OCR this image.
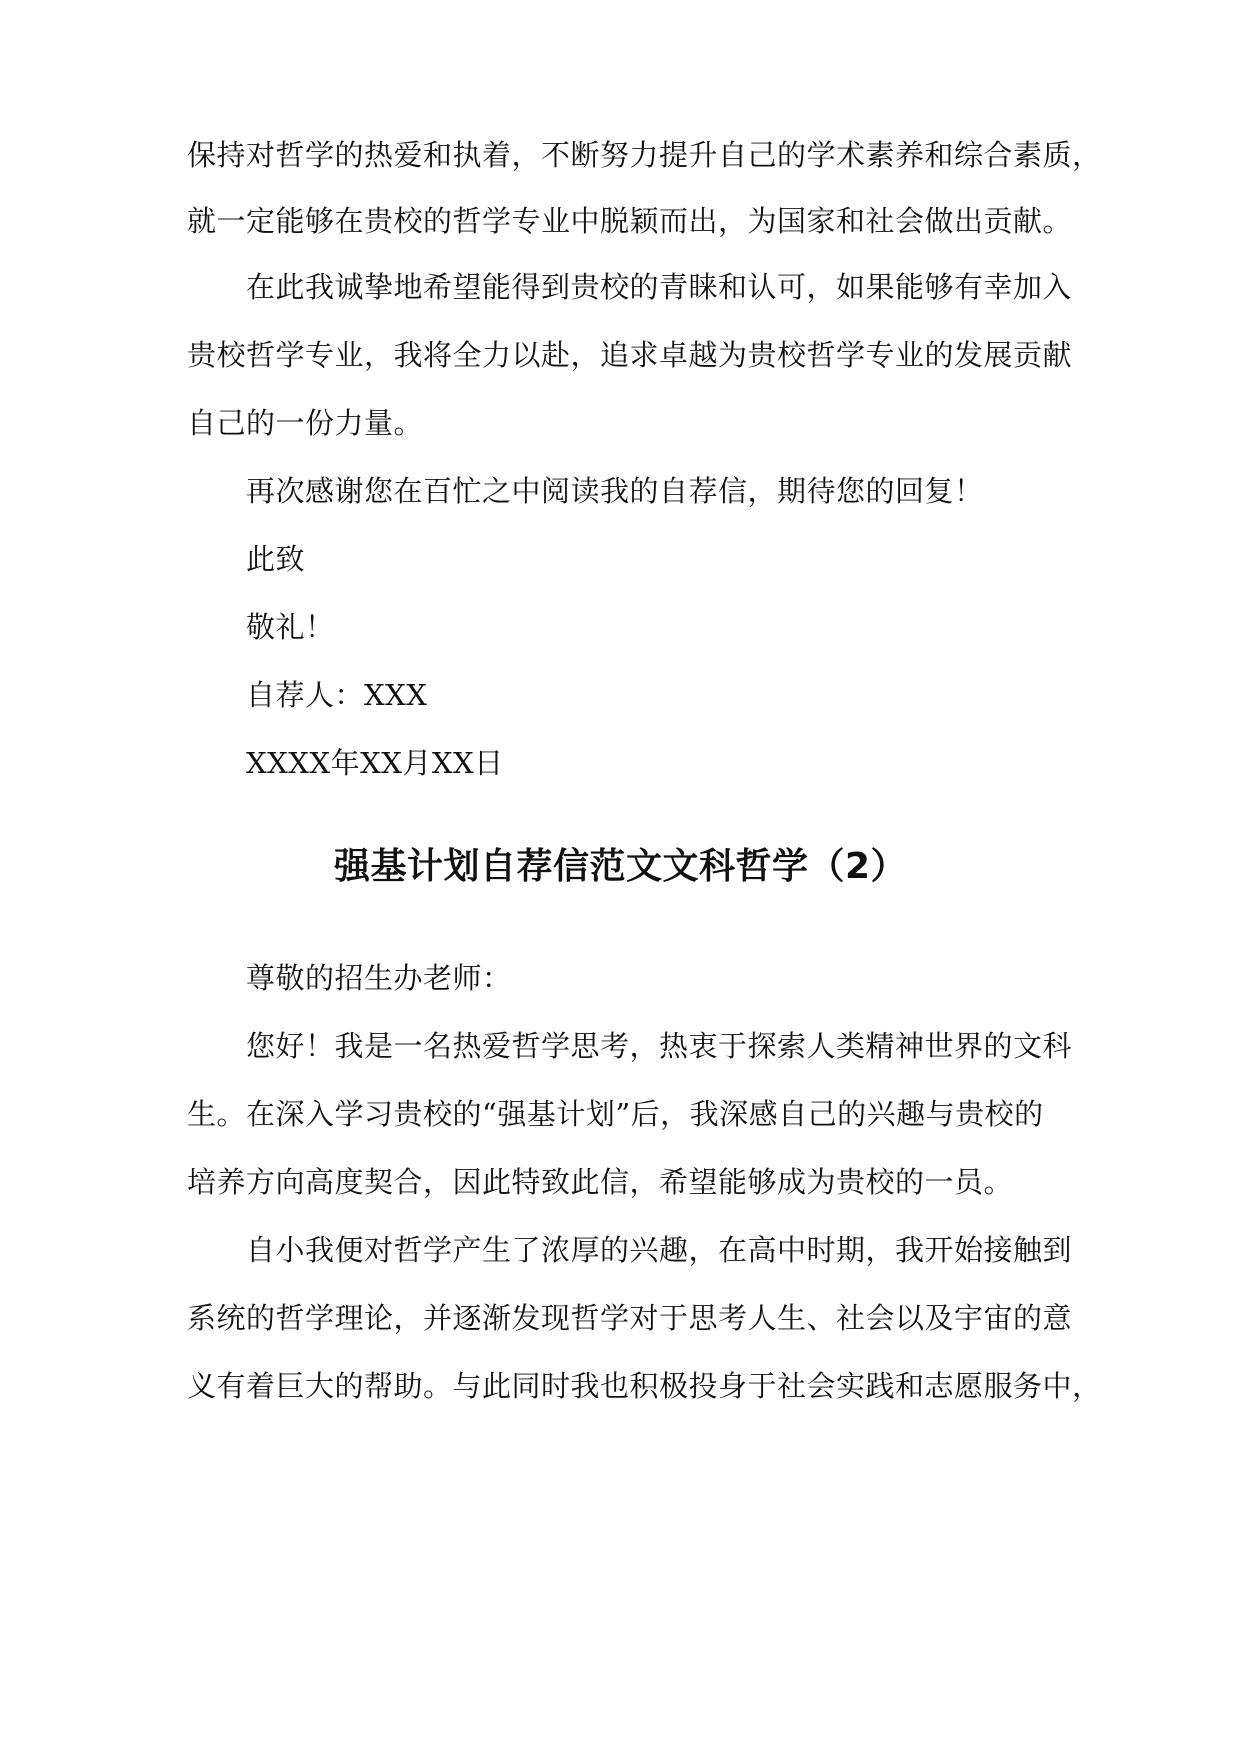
保持对哲学的热爱和执着，不断努力提升自己的学术素养和综合素质，
就一定能够在贵校的哲学专业中脱颖而出，为国家和社会做出贡献。
在此我诚挚地希望能得到贵校的青睐和认可，如果能够有幸加入
贵校哲学专业，我将全力以赴，追求卓越为贵校哲学专业的发展贡献
自己的一份力量。
再次感谢您在百忙之中阅读我的自荐信，期待您的回复！
此致
敬礼！
自荐人：XXX
XXXX年XX月XX日
强基计划自荐信范文文科哲学（2）
尊敬的招生办老师：
您好！我是一名热爱哲学思考，热衷于探索人类精神世界的文科
生。在深入学习贵校的“强基计划”后，我深感自己的兴趣与贵校的
培养方向高度契合，因此特致此信，希望能够成为贵校的一员。
自小我便对哲学产生了浓厚的兴趣，在高中时期，我开始接触到
系统的哲学理论，并逐渐发现哲学对于思考人生、社会以及宇宙的意
义有着巨大的帮助。与此同时我也积极投身于社会实践和志愿服务中，
